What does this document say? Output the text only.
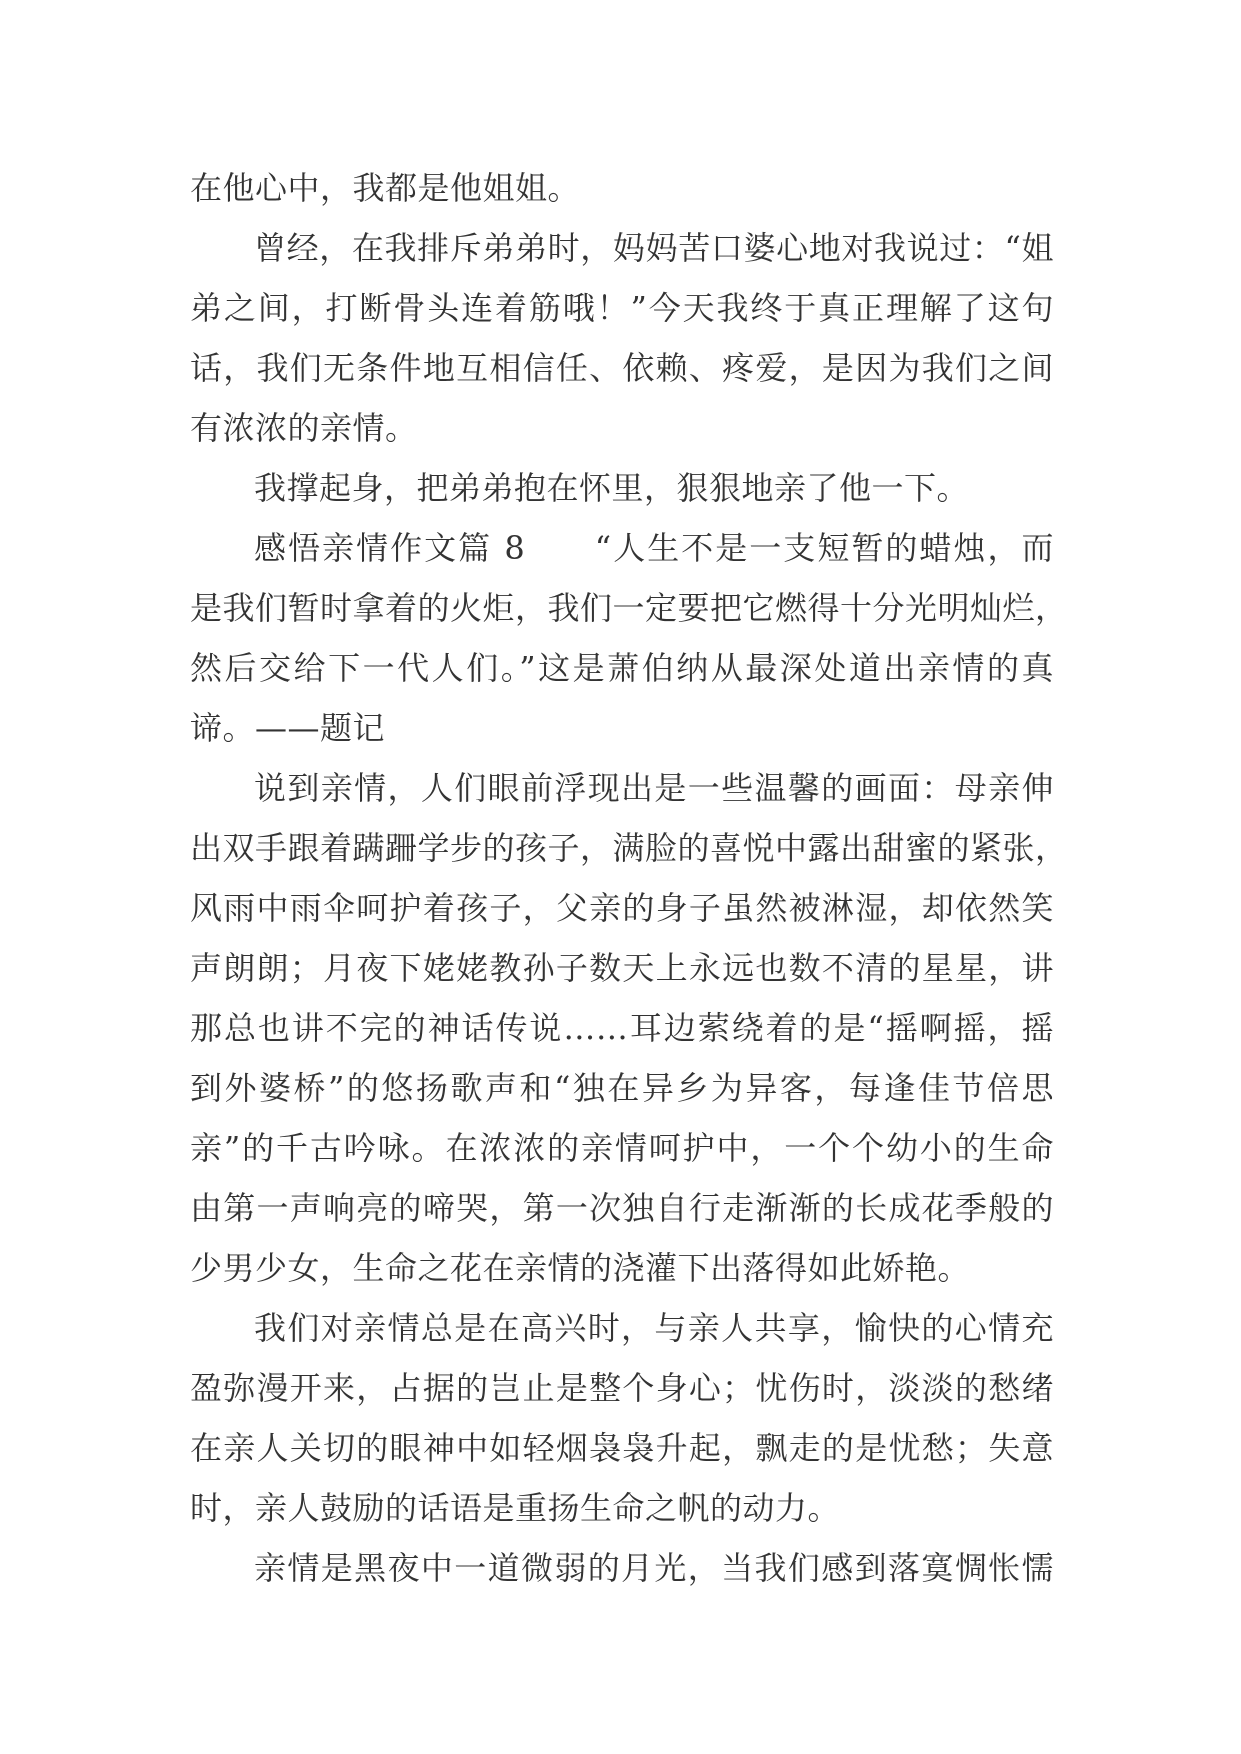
在他心中，我都是他姐姐。
曾经，在我排斥弟弟时，妈妈苦口婆心地对我说过：“姐
弟之间，打断骨头连着筋哦！”今天我终于真正理解了这句
话，我们无条件地互相信任、依赖、疼爱，是因为我们之间
有浓浓的亲情。
我撑起身，把弟弟抱在怀里，狠狠地亲了他一下。
感悟亲情作文篇 8　　“人生不是一支短暂的蜡烛，而
是我们暂时拿着的火炬，我们一定要把它燃得十分光明灿烂，
然后交给下一代人们。”这是萧伯纳从最深处道出亲情的真
谛。——题记
说到亲情，人们眼前浮现出是一些温馨的画面：母亲伸
出双手跟着蹒跚学步的孩子，满脸的喜悦中露出甜蜜的紧张，
风雨中雨伞呵护着孩子，父亲的身子虽然被淋湿，却依然笑
声朗朗；月夜下姥姥教孙子数天上永远也数不清的星星，讲
那总也讲不完的神话传说……耳边萦绕着的是“摇啊摇，摇
到外婆桥”的悠扬歌声和“独在异乡为异客，每逢佳节倍思
亲”的千古吟咏。在浓浓的亲情呵护中，一个个幼小的生命
由第一声响亮的啼哭，第一次独自行走渐渐的长成花季般的
少男少女，生命之花在亲情的浇灌下出落得如此娇艳。
我们对亲情总是在高兴时，与亲人共享，愉快的心情充
盈弥漫开来，占据的岂止是整个身心；忧伤时，淡淡的愁绪
在亲人关切的眼神中如轻烟袅袅升起，飘走的是忧愁；失意
时，亲人鼓励的话语是重扬生命之帆的动力。
亲情是黑夜中一道微弱的月光，当我们感到落寞惆怅懦
